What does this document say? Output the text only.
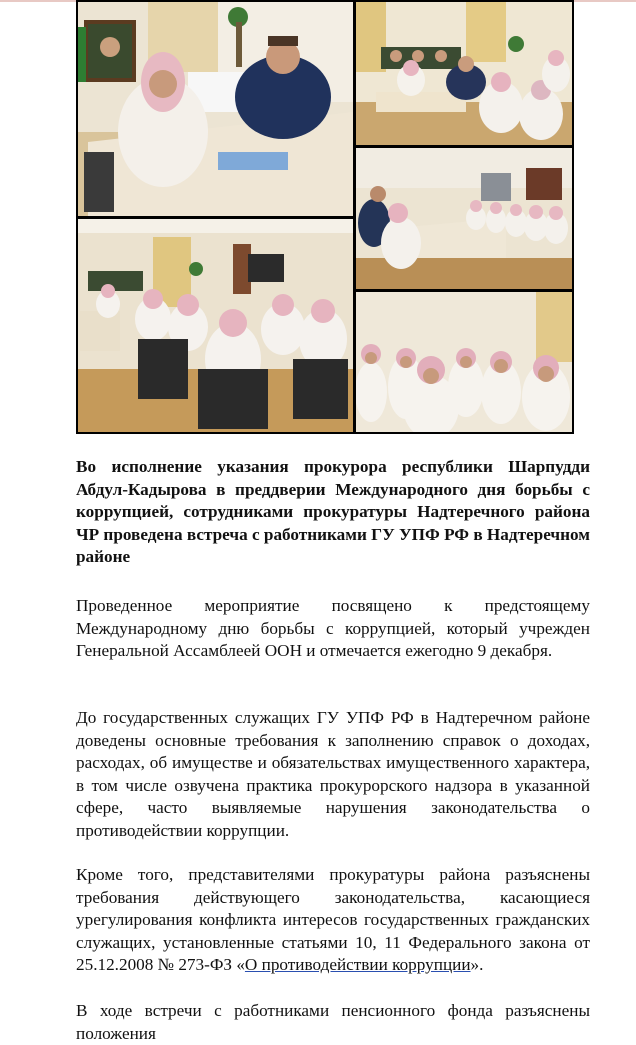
Во исполнение указания прокурора республики Шарпудди Абдул-Кадырова в преддверии Международного дня борьбы с коррупцией, сотрудниками прокуратуры Надтеречного района ЧР проведена встреча с работниками ГУ УПФ РФ в Надтеречном районе
Проведенное мероприятие посвящено к предстоящему Международному дню борьбы с коррупцией, который учрежден Генеральной Ассамблеей ООН и отмечается ежегодно 9 декабря.
До государственных служащих ГУ УПФ РФ в Надтеречном районе доведены основные требования к заполнению справок о доходах, расходах, об имуществе и обязательствах имущественного характера, в том числе озвучена практика прокурорского надзора в указанной сфере, часто выявляемые нарушения законодательства о противодействии коррупции.
Кроме того, представителями прокуратуры района разъяснены требования действующего законодательства, касающиеся урегулирования конфликта интересов государственных гражданских служащих, установленные статьями 10, 11 Федерального закона от 25.12.2008 № 273-ФЗ «О противодействии коррупции».
В ходе встречи с работниками пенсионного фонда разъяснены положения
